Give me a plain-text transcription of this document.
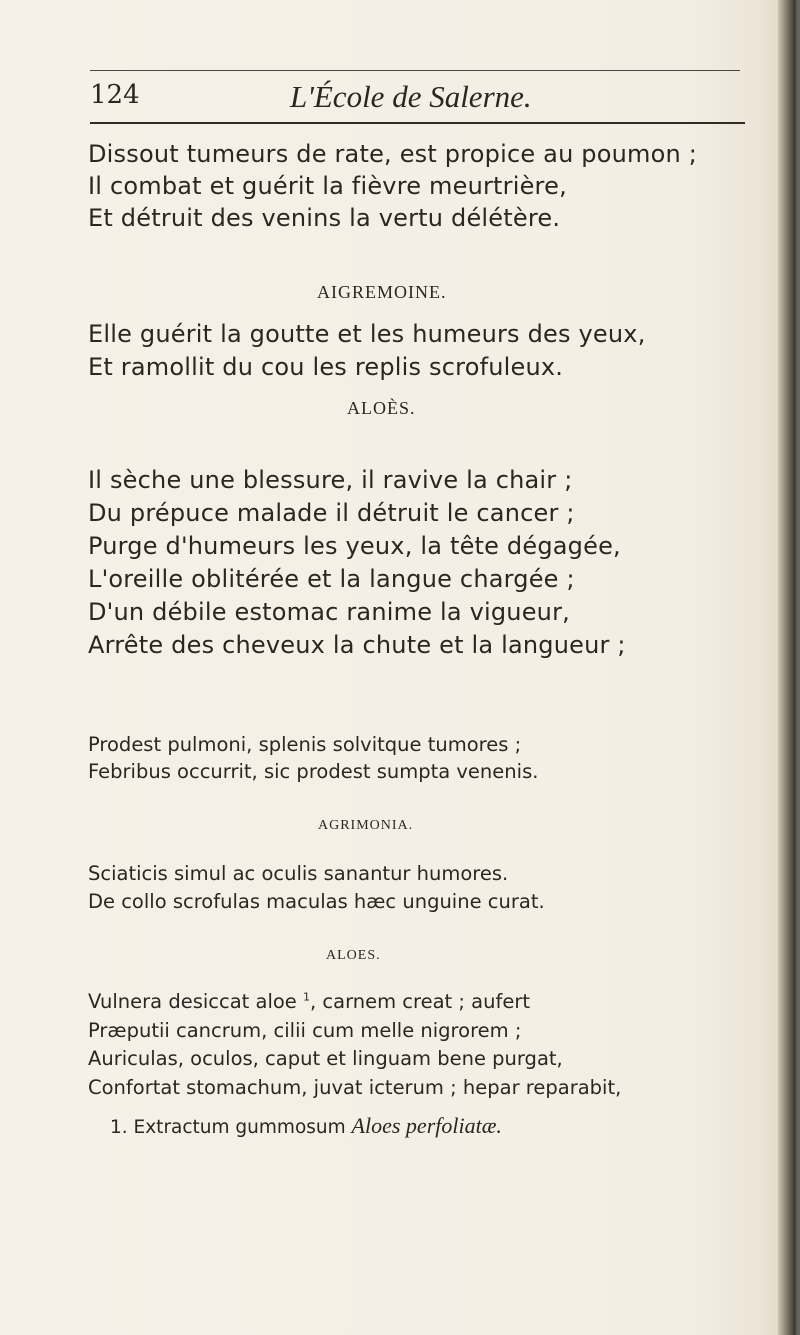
124	L'École de Salerne.
Dissout tumeurs de rate, est propice au poumon ;
Il combat et guérit la fièvre meurtrière,
Et détruit des venins la vertu délétère.
AIGREMOINE.
Elle guérit la goutte et les humeurs des yeux,
Et ramollit du cou les replis scrofuleux.
ALOÈS.
Il sèche une blessure, il ravive la chair ;
Du prépuce malade il détruit le cancer ;
Purge d'humeurs les yeux, la tête dégagée,
L'oreille oblitérée et la langue chargée ;
D'un débile estomac ranime la vigueur,
Arrête des cheveux la chute et la langueur ;
Prodest pulmoni, splenis solvitque tumores ;
Febribus occurrit, sic prodest sumpta venenis.
AGRIMONIA.
Sciaticis simul ac oculis sanantur humores.
De collo scrofulas maculas hæc unguine curat.
ALOES.
Vulnera desiccat aloe $^1$, carnem creat ; aufert
Præputii cancrum, cilii cum melle nigrorem ;
Auriculas, oculos, caput et linguam bene purgat,
Confortat stomachum, juvat icterum ; hepar reparabit,
1. Extractum gummosum Aloes perfoliatæ.
